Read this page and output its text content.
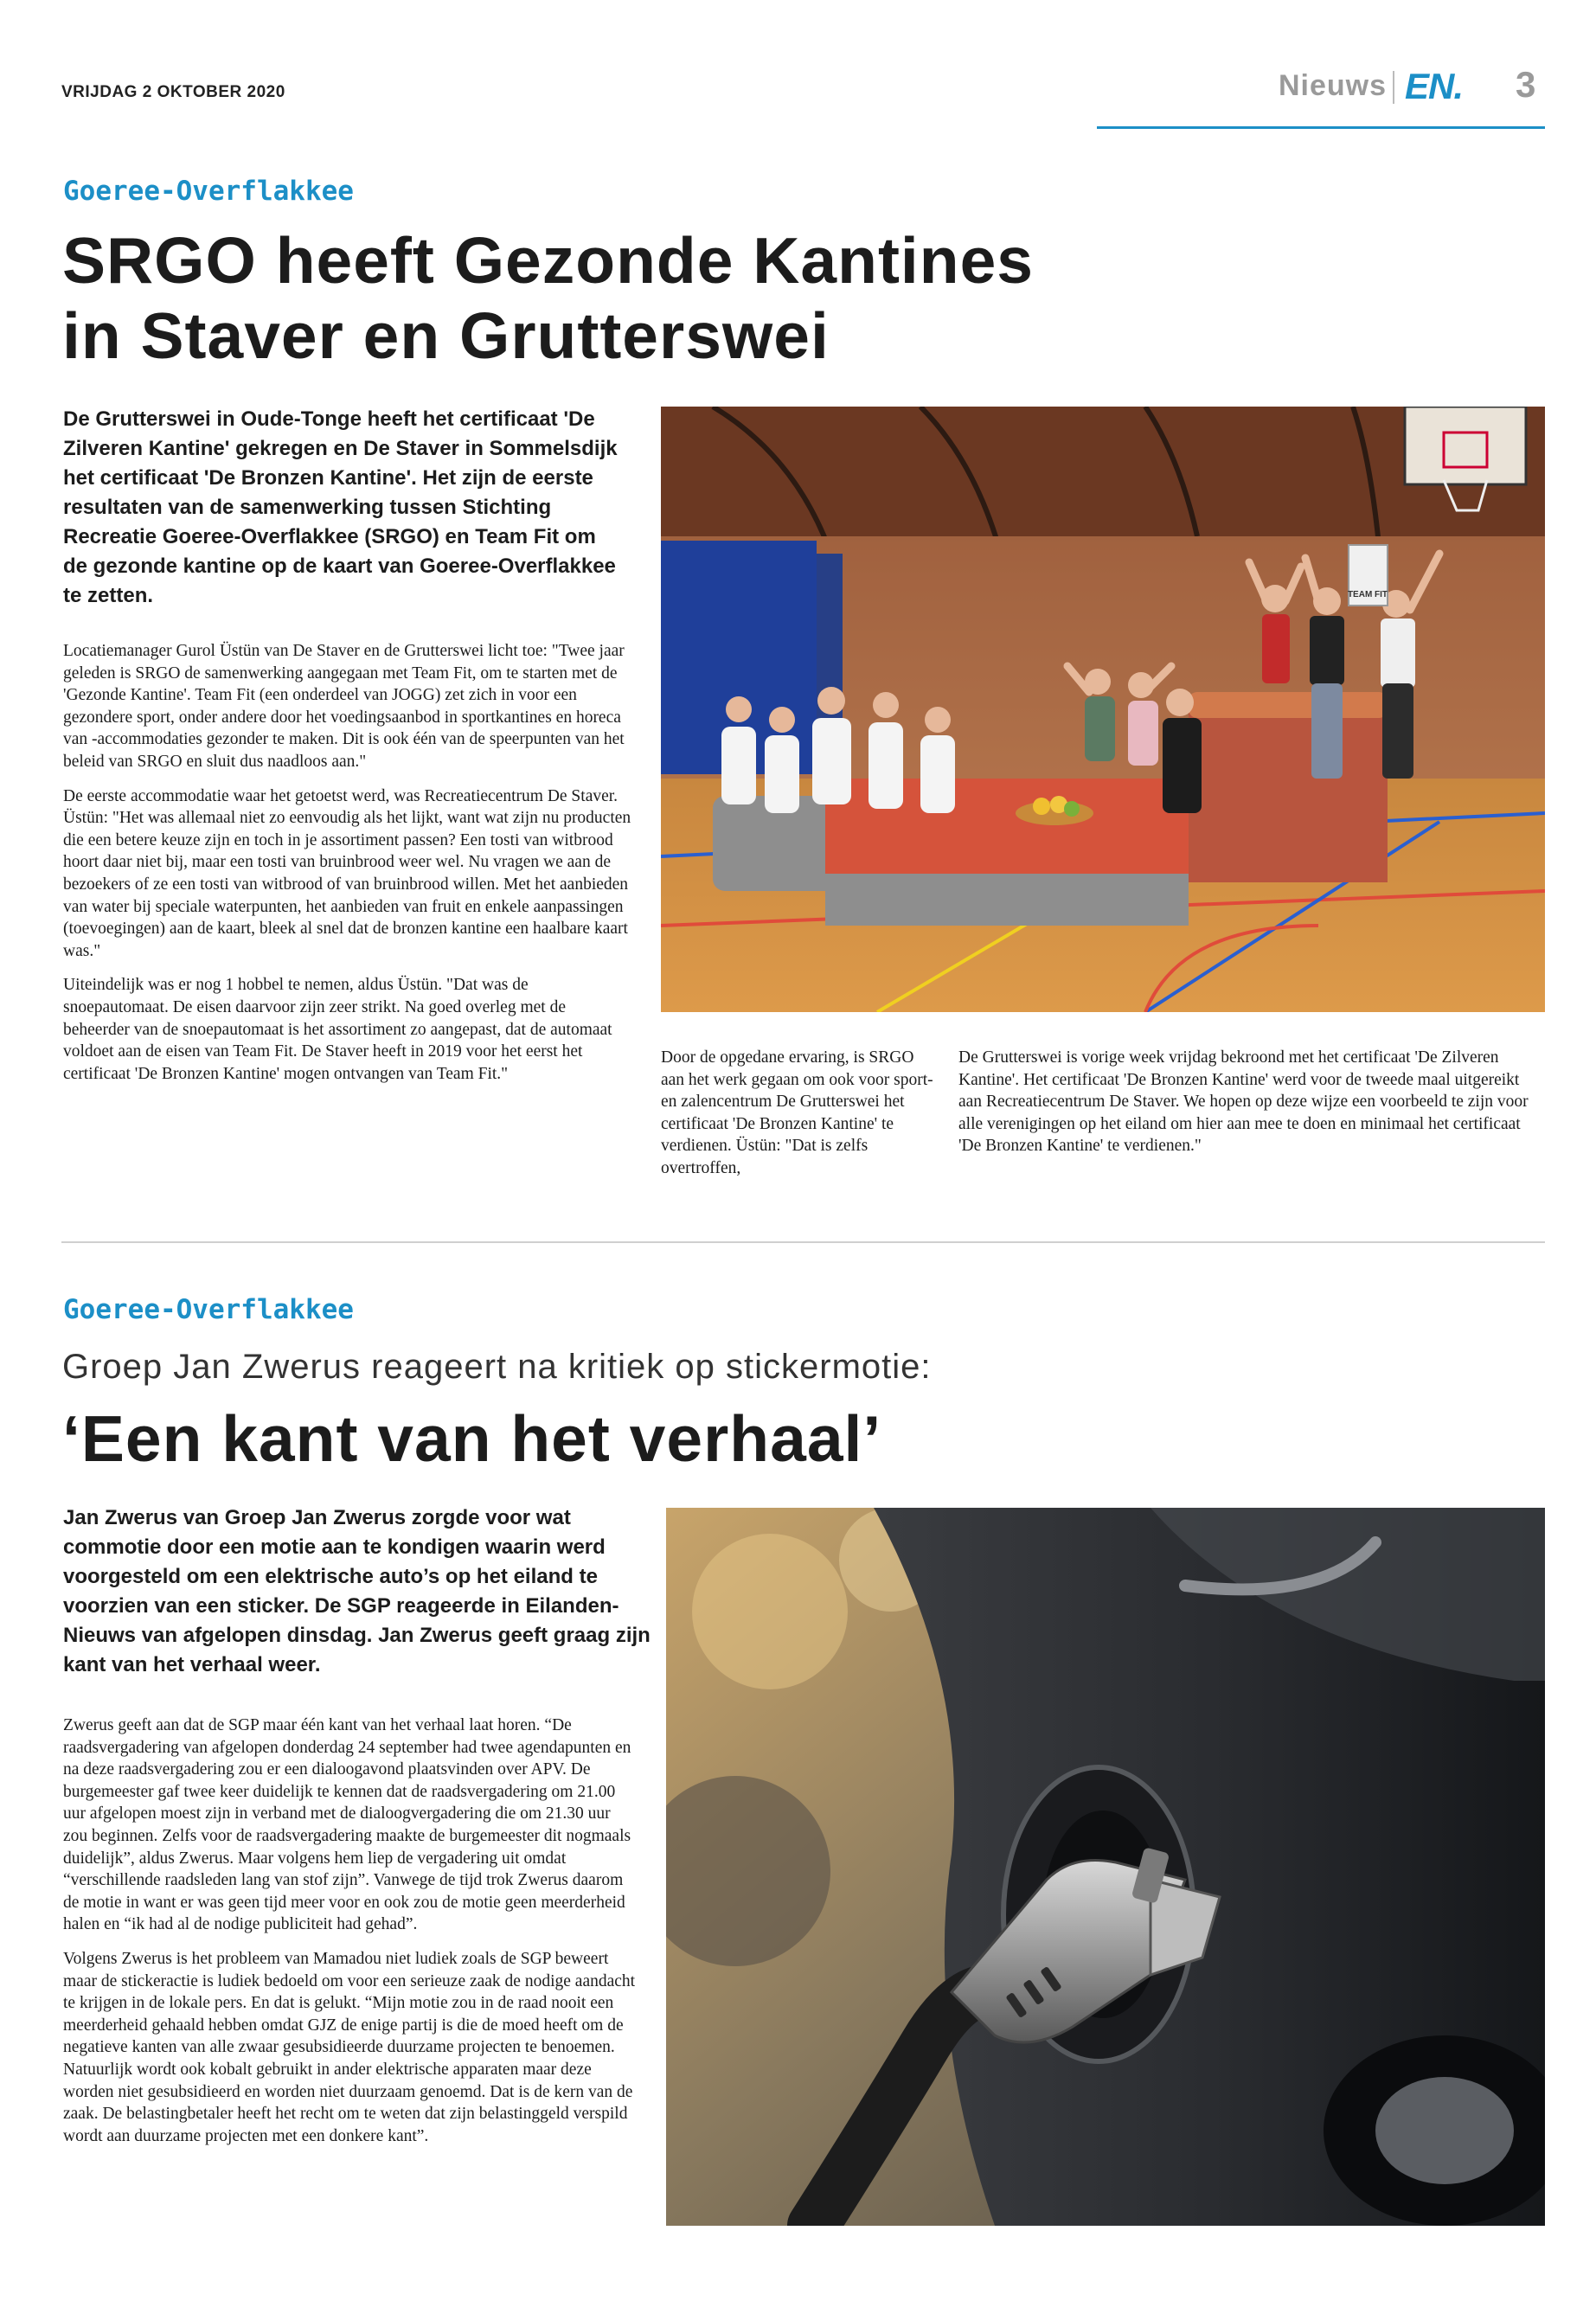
VRIJDAG 2 OKTOBER 2020	Nieuws EN. 3
Goeree-Overflakkee
SRGO heeft Gezonde Kantines
in Staver en Grutterswei
De Grutterswei in Oude-Tonge heeft het certificaat 'De Zilveren Kantine' gekregen en De Staver in Sommelsdijk het certificaat 'De Bronzen Kantine'. Het zijn de eerste resultaten van de samenwerking tussen Stichting Recreatie Goeree-Overflakkee (SRGO) en Team Fit om de gezonde kantine op de kaart van Goeree-Overflakkee te zetten.

Locatiemanager Gurol Üstün van De Staver en de Grutterswei licht toe: "Twee jaar geleden is SRGO de samenwerking aangegaan met Team Fit, om te starten met de 'Gezonde Kantine'. Team Fit (een onderdeel van JOGG) zet zich in voor een gezondere sport, onder andere door het voedingsaanbod in sportkantines en horeca van -accommodaties gezonder te maken. Dit is ook één van de speerpunten van het beleid van SRGO en sluit dus naadloos aan."

De eerste accommodatie waar het getoetst werd, was Recreatiecentrum De Staver. Üstün: "Het was allemaal niet zo eenvoudig als het lijkt, want wat zijn nu producten die een betere keuze zijn en toch in je assortiment passen? Een tosti van witbrood hoort daar niet bij, maar een tosti van bruinbrood weer wel. Nu vragen we aan de bezoekers of ze een tosti van witbrood of van bruinbrood willen. Met het aanbieden van water bij speciale waterpunten, het aanbieden van fruit en enkele aanpassingen (toevoegingen) aan de kaart, bleek al snel dat de bronzen kantine een haalbare kaart was."

Uiteindelijk was er nog 1 hobbel te nemen, aldus Üstün. "Dat was de snoepautomaat. De eisen daarvoor zijn zeer strikt. Na goed overleg met de beheerder van de snoepautomaat is het assortiment zo aangepast, dat de automaat voldoet aan de eisen van Team Fit. De Staver heeft in 2019 voor het eerst het certificaat 'De Bronzen Kantine' mogen ontvangen van Team Fit."

TEAM FIT

Door de opgedane ervaring, is SRGO aan het werk gegaan om ook voor sport- en zalencentrum De Grutterswei het certificaat 'De Bronzen Kantine' te verdienen. Üstün: "Dat is zelfs overtroffen,

De Grutterswei is vorige week vrijdag bekroond met het certificaat 'De Zilveren Kantine'. Het certificaat 'De Bronzen Kantine' werd voor de tweede maal uitgereikt aan Recreatiecentrum De Staver. We hopen op deze wijze een voorbeeld te zijn voor alle verenigingen op het eiland om hier aan mee te doen en minimaal het certificaat 'De Bronzen Kantine' te verdienen."

Goeree-Overflakkee
Groep Jan Zwerus reageert na kritiek op stickermotie:
‘Een kant van het verhaal’
Jan Zwerus van Groep Jan Zwerus zorgde voor wat commotie door een motie aan te kondigen waarin werd voorgesteld om een elektrische auto’s op het eiland te voorzien van een sticker. De SGP reageerde in Eilanden-Nieuws van afgelopen dinsdag. Jan Zwerus geeft graag zijn kant van het verhaal weer.

Zwerus geeft aan dat de SGP maar één kant van het verhaal laat horen. “De raadsvergadering van afgelopen donderdag 24 september had twee agendapunten en na deze raadsvergadering zou er een dialoogavond plaatsvinden over APV. De burgemeester gaf twee keer duidelijk te kennen dat de raadsvergadering om 21.00 uur afgelopen moest zijn in verband met de dialoogvergadering die om 21.30 uur zou beginnen. Zelfs voor de raadsvergadering maakte de burgemeester dit nogmaals duidelijk”, aldus Zwerus. Maar volgens hem liep de vergadering uit omdat “verschillende raadsleden lang van stof zijn”. Vanwege de tijd trok Zwerus daarom de motie in want er was geen tijd meer voor en ook zou de motie geen meerderheid halen en “ik had al de nodige publiciteit had gehad”.

Volgens Zwerus is het probleem van Mamadou niet ludiek zoals de SGP beweert maar de stickeractie is ludiek bedoeld om voor een serieuze zaak de nodige aandacht te krijgen in de lokale pers. En dat is gelukt. “Mijn motie zou in de raad nooit een meerderheid gehaald hebben omdat GJZ de enige partij is die de moed heeft om de negatieve kanten van alle zwaar gesubsidieerde duurzame projecten te benoemen. Natuurlijk wordt ook kobalt gebruikt in ander elektrische apparaten maar deze worden niet gesubsidieerd en worden niet duurzaam genoemd. Dat is de kern van de zaak. De belastingbetaler heeft het recht om te weten dat zijn belastinggeld verspild wordt aan duurzame projecten met een donkere kant”.
